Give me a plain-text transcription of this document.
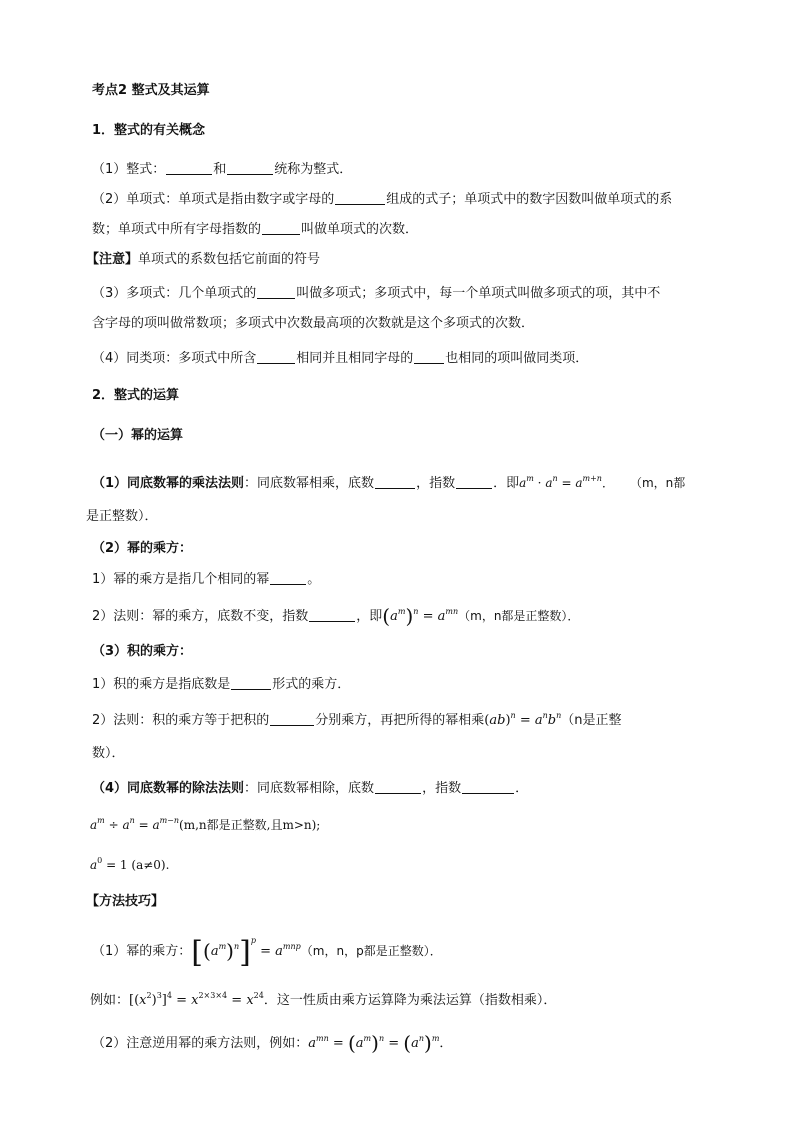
考点2 整式及其运算
1．整式的有关概念
（1）整式：	和	统称为整式．
（2）单项式：单项式是指由数字或字母的	组成的式子；单项式中的数字因数叫做单项式的系
数；单项式中所有字母指数的	叫做单项式的次数．
【注意】单项式的系数包括它前面的符号
（3）多项式：几个单项式的	叫做多项式；多项式中，每一个单项式叫做多项式的项，其中不
含字母的项叫做常数项；多项式中次数最高项的次数就是这个多项式的次数．
（4）同类项：多项式中所含	相同并且相同字母的 也相同的项叫做同类项．
2．整式的运算
（一）幂的运算
（1）同底数幂的乘法法则：同底数幂相乘，底数	，指数	．即$a^m \cdot a^n = a^{m+n}$． （m，n都
是正整数）．
（2）幂的乘方：
1）幂的乘方是指几个相同的幂	。
2）法则：幂的乘方，底数不变，指数	，即$(a^m)^n = a^{mn}(m$，n都是正整数）．
（3）积的乘方：
1）积的乘方是指底数是	形式的乘方．
2）法则：积的乘方等于把积的	分别乘方，再把所得的幂相乘$(ab)^n = a^nb^n(n$是正整
数）．
（4）同底数幂的除法法则：同底数幂相除，底数	，指数	．
$a^m \div a^n = a^{m-n}(m,n$都是正整数,且m>n);
$a^0 = 1$ (a≠0).
【方法技巧】
（1）幂的乘方：$[(a^m)^n]^p = a^{mnp}(m$，n，p都是正整数）．
例如：$[(x^2)^3]^4 = x^{2\times 3\times 4} = x^{24}$．这一性质由乘方运算降为乘法运算（指数相乘）．
（2）注意逆用幂的乘方法则，例如：$a^{mn} = (a^m)^n = (a^n)^m$．
